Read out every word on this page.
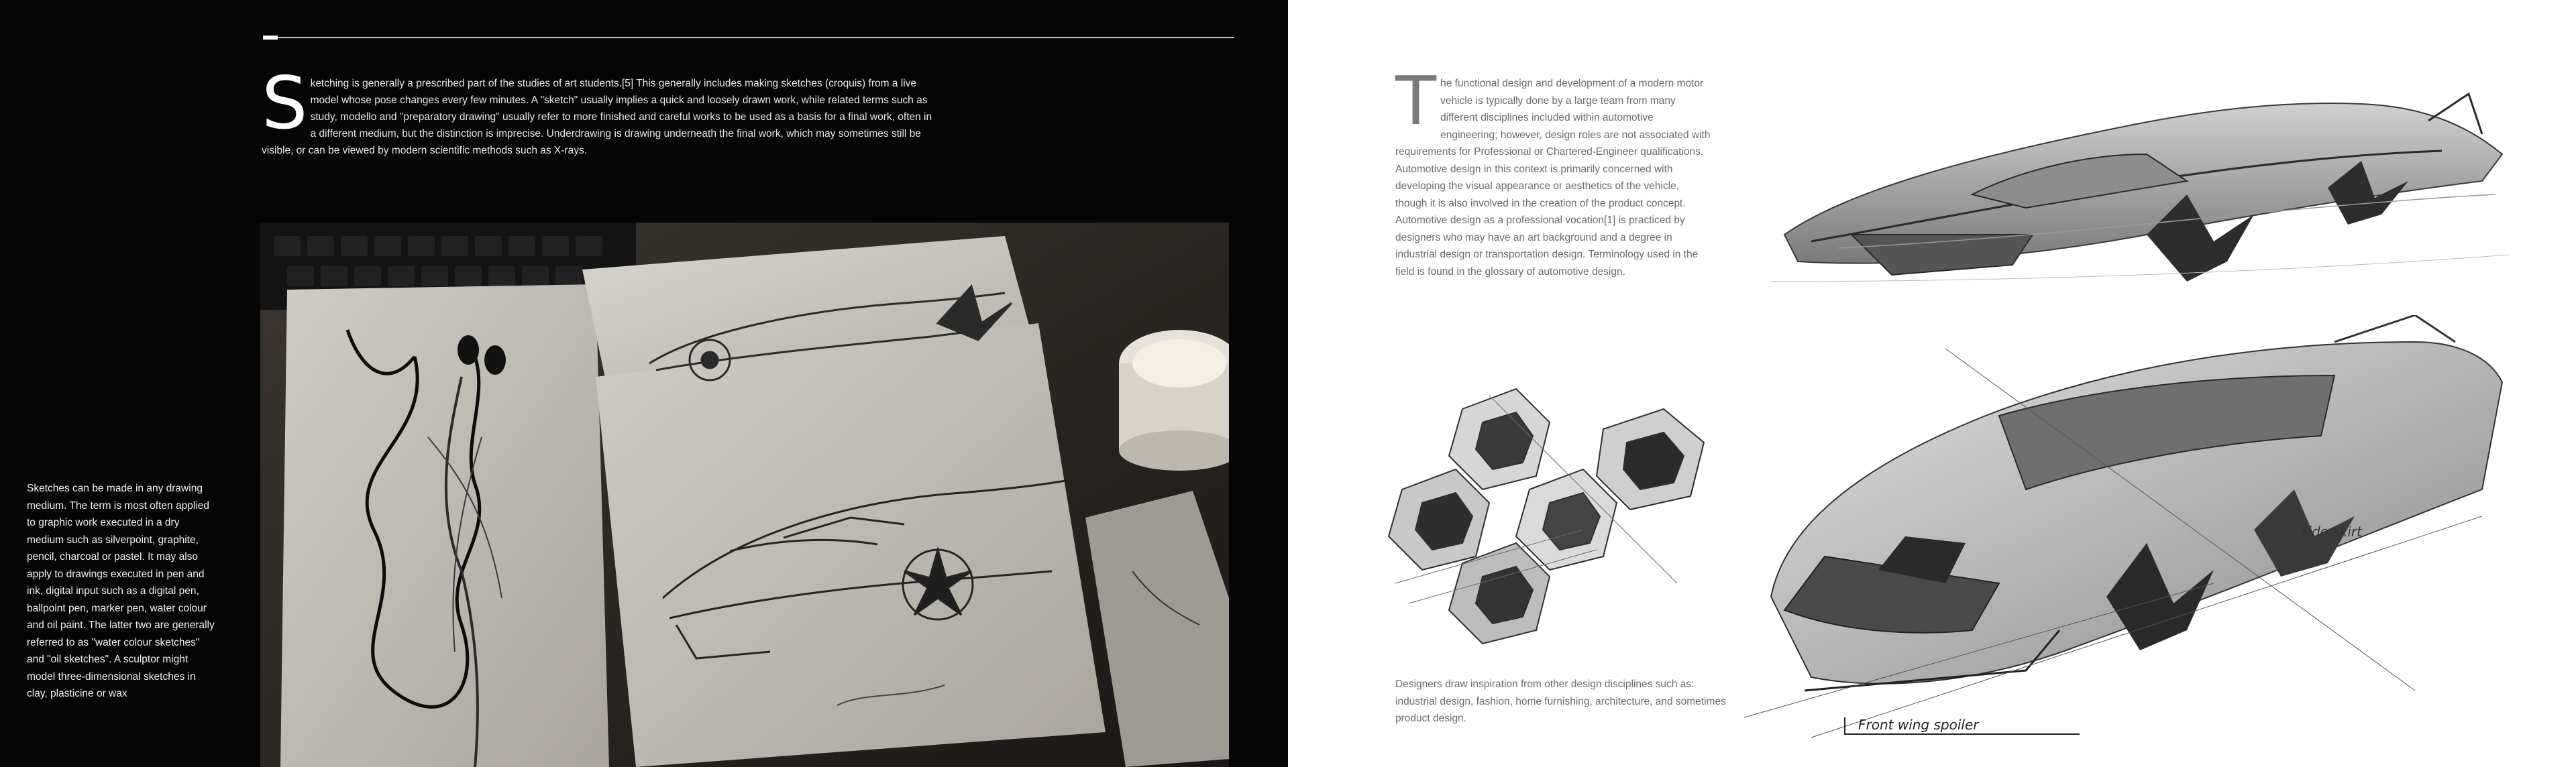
Sketching is generally a prescribed part of the studies of art students.[5] This generally includes making sketches (croquis) from a live model whose pose changes every few minutes. A "sketch" usually implies a quick and loosely drawn work, while related terms such as study, modello and "preparatory drawing" usually refer to more finished and careful works to be used as a basis for a final work, often in a different medium, but the distinction is imprecise. Underdrawing is drawing underneath the final work, which may sometimes still be visible, or can be viewed by modern scientific methods such as X-rays.

Sketches can be made in any drawing medium. The term is most often applied to graphic work executed in a dry medium such as silverpoint, graphite, pencil, charcoal or pastel. It may also apply to drawings executed in pen and ink, digital input such as a digital pen, ballpoint pen, marker pen, water colour and oil paint. The latter two are generally referred to as "water colour sketches" and "oil sketches". A sculptor might model three-dimensional sketches in clay, plasticine or wax

The functional design and development of a modern motor vehicle is typically done by a large team from many different disciplines included within automotive engineering; however, design roles are not associated with requirements for Professional or Chartered-Engineer qualifications. Automotive design in this context is primarily concerned with developing the visual appearance or aesthetics of the vehicle, though it is also involved in the creation of the product concept. Automotive design as a professional vocation[1] is practiced by designers who may have an art background and a degree in industrial design or transportation design. Terminology used in the field is found in the glossary of automotive design.

Designers draw inspiration from other design disciplines such as: industrial design, fashion, home furnishing, architecture, and sometimes product design.

side skirt
Front wing spoiler
